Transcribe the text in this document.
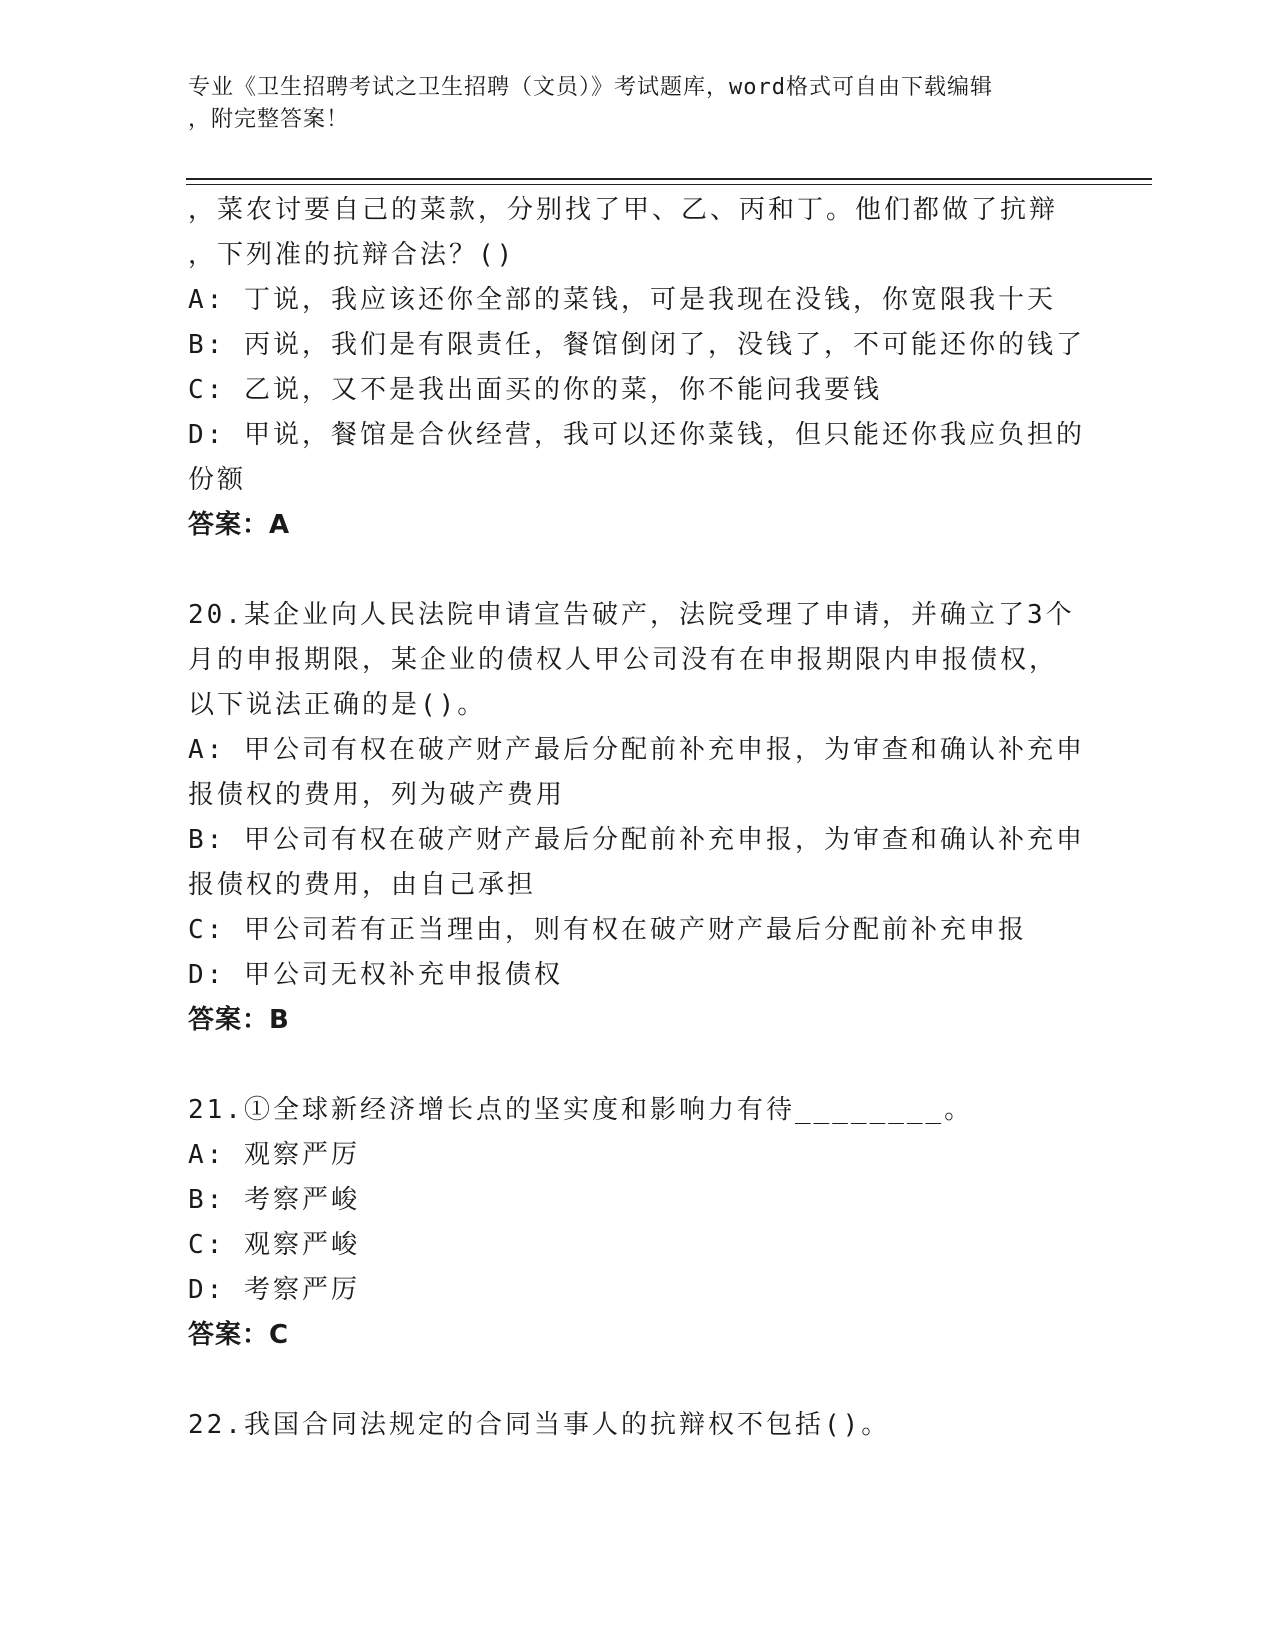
专业《卫生招聘考试之卫生招聘（文员）》考试题库，word格式可自由下载编辑
，附完整答案！
，菜农讨要自己的菜款，分别找了甲、乙、丙和丁。他们都做了抗辩
，下列准的抗辩合法？()
A: 丁说，我应该还你全部的菜钱，可是我现在没钱，你宽限我十天
B: 丙说，我们是有限责任，餐馆倒闭了，没钱了，不可能还你的钱了
C: 乙说，又不是我出面买的你的菜，你不能问我要钱
D: 甲说，餐馆是合伙经营，我可以还你菜钱，但只能还你我应负担的
份额
答案：A
20.某企业向人民法院申请宣告破产，法院受理了申请，并确立了3个
月的申报期限，某企业的债权人甲公司没有在申报期限内申报债权，
以下说法正确的是()。
A: 甲公司有权在破产财产最后分配前补充申报，为审查和确认补充申
报债权的费用，列为破产费用
B: 甲公司有权在破产财产最后分配前补充申报，为审查和确认补充申
报债权的费用，由自己承担
C: 甲公司若有正当理由，则有权在破产财产最后分配前补充申报
D: 甲公司无权补充申报债权
答案：B
21.①全球新经济增长点的坚实度和影响力有待________。
A: 观察严厉
B: 考察严峻
C: 观察严峻
D: 考察严厉
答案：C
22.我国合同法规定的合同当事人的抗辩权不包括()。
